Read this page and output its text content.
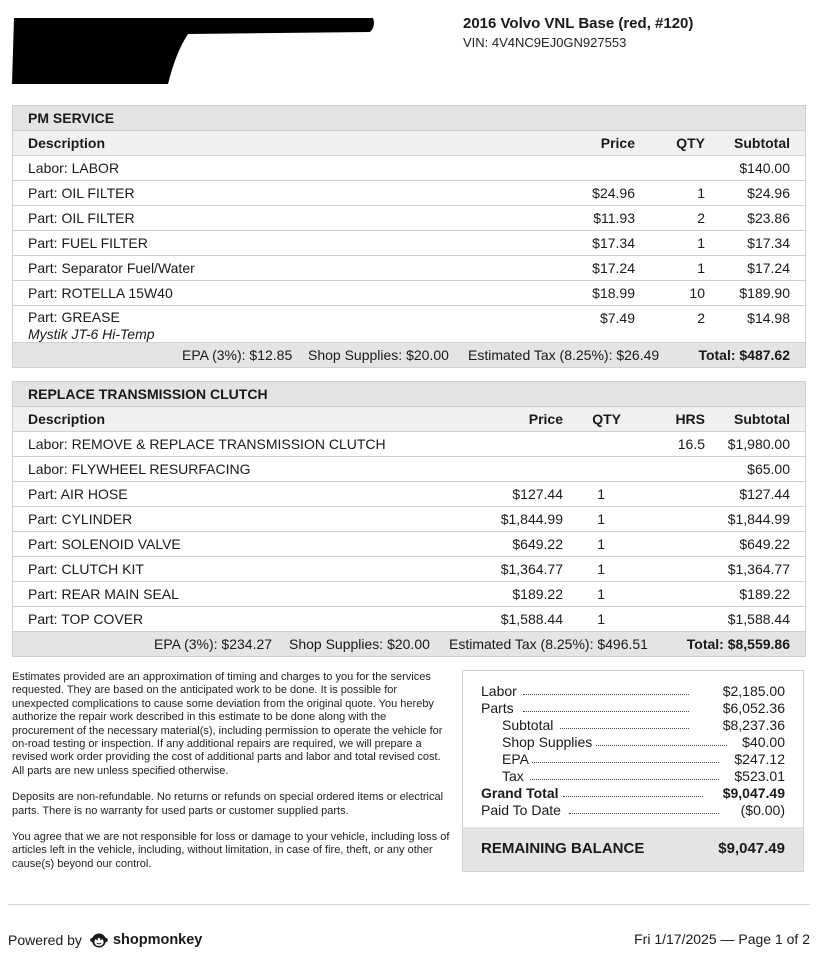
2016 Volvo VNL Base (red, #120)
VIN: 4V4NC9EJ0GN927553
PM SERVICE
Description	Price	QTY	Subtotal
Labor: LABOR			$140.00
Part: OIL FILTER	$24.96	1	$24.96
Part: OIL FILTER	$11.93	2	$23.86
Part: FUEL FILTER	$17.34	1	$17.34
Part: Separator Fuel/Water	$17.24	1	$17.24
Part: ROTELLA 15W40	$18.99	10	$189.90

Part: GREASE
Mystik JT-6 Hi-Temp	$7.49	2	$14.98
EPA (3%): $12.85 Shop Supplies: $20.00 Estimated Tax (8.25%): $26.49	Total: $487.62
REPLACE TRANSMISSION CLUTCH
Description	Price	QTY	HRS	Subtotal
Labor: REMOVE & REPLACE TRANSMISSION CLUTCH			16.5	$1,980.00
Labor: FLYWHEEL RESURFACING				$65.00
Part: AIR HOSE	$127.44	1		$127.44
Part: CYLINDER	$1,844.99	1		$1,844.99
Part: SOLENOID VALVE	$649.22	1		$649.22
Part: CLUTCH KIT	$1,364.77	1		$1,364.77
Part: REAR MAIN SEAL	$189.22	1		$189.22
Part: TOP COVER	$1,588.44	1		$1,588.44
EPA (3%): $234.27 Shop Supplies: $20.00 Estimated Tax (8.25%): $496.51	Total: $8,559.86

Estimates provided are an approximation of timing and charges to you for the services requested. They are based on the anticipated work to be done. It is possible for unexpected complications to cause some deviation from the original quote. You hereby authorize the repair work described in this estimate to be done along with the procurement of the necessary material(s), including permission to operate the vehicle for on-road testing or inspection. If any additional repairs are required, we will prepare a revised work order providing the cost of additional parts and labor and total revised cost. All parts are new unless specified otherwise.

Deposits are non-refundable. No returns or refunds on special ordered items or electrical parts. There is no warranty for used parts or customer supplied parts.

You agree that we are not responsible for loss or damage to your vehicle, including loss of articles left in the vehicle, including, without limitation, in case of fire, theft, or any other cause(s) beyond our control.

Labor	$2,185.00
Parts	$6,052.36
Subtotal	$8,237.36
Shop Supplies	$40.00
EPA	$247.12
Tax	$523.01
Grand Total	$9,047.49
Paid To Date	($0.00)
REMAINING BALANCE	$9,047.49
Powered by shopmonkey	Fri 1/17/2025 — Page 1 of 2
